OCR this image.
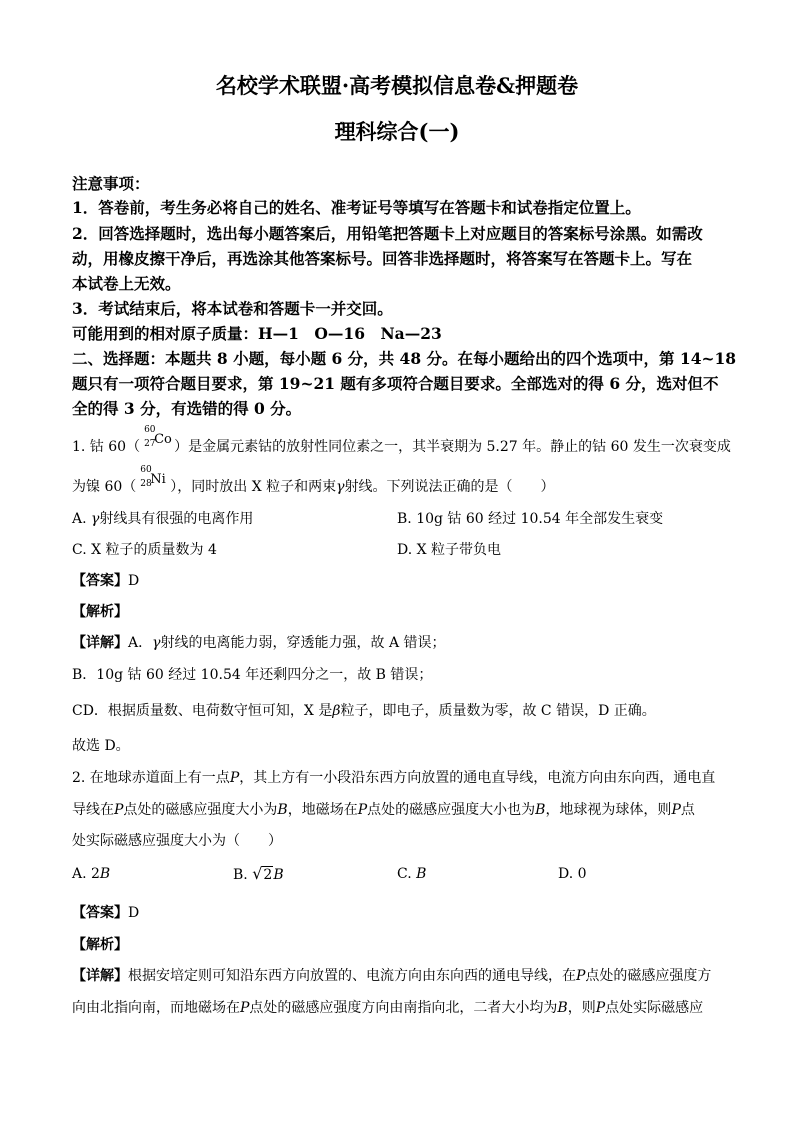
名校学术联盟·高考模拟信息卷&押题卷
理科综合(一)
注意事项：
1．答卷前，考生务必将自己的姓名、准考证号等填写在答题卡和试卷指定位置上。
2．回答选择题时，选出每小题答案后，用铅笔把答题卡上对应题目的答案标号涂黑。如需改
动，用橡皮擦干净后，再选涂其他答案标号。回答非选择题时，将答案写在答题卡上。写在
本试卷上无效。
3．考试结束后，将本试卷和答题卡一并交回。
可能用到的相对原子质量：H—1　O—16　Na—23
二、选择题：本题共 8 小题，每小题 6 分，共 48 分。在每小题给出的四个选项中，第 14~18
题只有一项符合题目要求，第 19~21 题有多项符合题目要求。全部选对的得 6 分，选对但不
全的得 3 分，有选错的得 0 分。
1. 钴 60（
60
27
Co ）是金属元素钴的放射性同位素之一，其半衰期为 5.27 年。静止的钴 60 发生一次衰变成
为镍 60（
60
28
Ni ），同时放出 X 粒子和两束γ射线。下列说法正确的是（　　）
A. γ射线具有很强的电离作用	B. 10g 钴 60 经过 10.54 年全部发生衰变
C. X 粒子的质量数为 4	D. X 粒子带负电
【答案】D
【解析】
【详解】A．γ射线的电离能力弱，穿透能力强，故 A 错误；
B．10g 钴 60 经过 10.54 年还剩四分之一，故 B 错误；
CD．根据质量数、电荷数守恒可知，X 是β粒子，即电子，质量数为零，故 C 错误，D 正确。
故选 D。
2. 在地球赤道面上有一点P，其上方有一小段沿东西方向放置的通电直导线，电流方向由东向西，通电直
导线在P点处的磁感应强度大小为B，地磁场在P点处的磁感应强度大小也为B，地球视为球体，则P点
处实际磁感应强度大小为（　　）
A. 2B	B. √2B	C. B	D. 0
【答案】D
【解析】
【详解】根据安培定则可知沿东西方向放置的、电流方向由东向西的通电导线，在P点处的磁感应强度方
向由北指向南，而地磁场在P点处的磁感应强度方向由南指向北，二者大小均为B，则P点处实际磁感应
